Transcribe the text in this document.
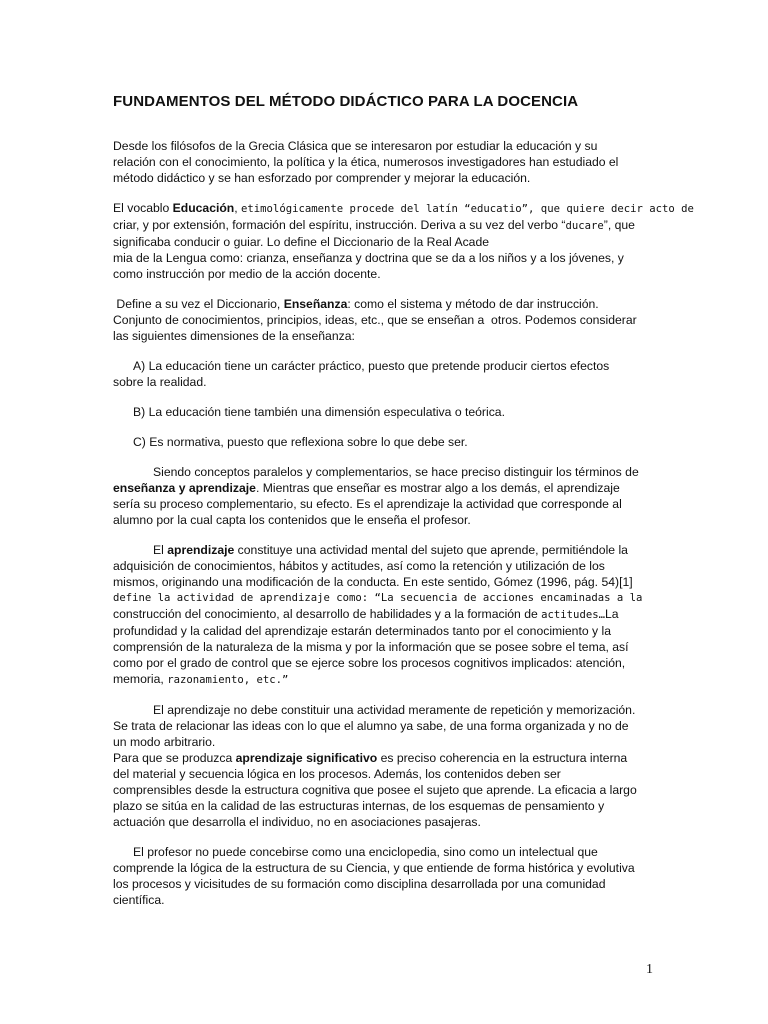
FUNDAMENTOS DEL MÉTODO DIDÁCTICO PARA LA DOCENCIA

Desde los filósofos de la Grecia Clásica que se interesaron por estudiar la educación y su
relación con el conocimiento, la política y la ética, numerosos investigadores han estudiado el
método didáctico y se han esforzado por comprender y mejorar la educación.

El vocablo Educación, etimológicamente procede del latín “educatio”, que quiere decir acto de
criar, y por extensión, formación del espíritu, instrucción. Deriva a su vez del verbo “ducare”, que
significaba conducir o guiar. Lo define el Diccionario de la Real Acade
mia de la Lengua como: crianza, enseñanza y doctrina que se da a los niños y a los jóvenes, y
como instrucción por medio de la acción docente.

Define a su vez el Diccionario, Enseñanza: como el sistema y método de dar instrucción.
Conjunto de conocimientos, principios, ideas, etc., que se enseñan a  otros. Podemos considerar
las siguientes dimensiones de la enseñanza:

A) La educación tiene un carácter práctico, puesto que pretende producir ciertos efectos
sobre la realidad.

B) La educación tiene también una dimensión especulativa o teórica.

C) Es normativa, puesto que reflexiona sobre lo que debe ser.

Siendo conceptos paralelos y complementarios, se hace preciso distinguir los términos de
enseñanza y aprendizaje. Mientras que enseñar es mostrar algo a los demás, el aprendizaje
sería su proceso complementario, su efecto. Es el aprendizaje la actividad que corresponde al
alumno por la cual capta los contenidos que le enseña el profesor.

El aprendizaje constituye una actividad mental del sujeto que aprende, permitiéndole la
adquisición de conocimientos, hábitos y actitudes, así como la retención y utilización de los
mismos, originando una modificación de la conducta. En este sentido, Gómez (1996, pág. 54)[1]
define la actividad de aprendizaje como: “La secuencia de acciones encaminadas a la
construcción del conocimiento, al desarrollo de habilidades y a la formación de actitudes…La
profundidad y la calidad del aprendizaje estarán determinados tanto por el conocimiento y la
comprensión de la naturaleza de la misma y por la información que se posee sobre el tema, así
como por el grado de control que se ejerce sobre los procesos cognitivos implicados: atención,
memoria, razonamiento, etc.”

El aprendizaje no debe constituir una actividad meramente de repetición y memorización.
Se trata de relacionar las ideas con lo que el alumno ya sabe, de una forma organizada y no de
un modo arbitrario.

Para que se produzca aprendizaje significativo es preciso coherencia en la estructura interna
del material y secuencia lógica en los procesos. Además, los contenidos deben ser
comprensibles desde la estructura cognitiva que posee el sujeto que aprende. La eficacia a largo
plazo se sitúa en la calidad de las estructuras internas, de los esquemas de pensamiento y
actuación que desarrolla el individuo, no en asociaciones pasajeras.

El profesor no puede concebirse como una enciclopedia, sino como un intelectual que
comprende la lógica de la estructura de su Ciencia, y que entiende de forma histórica y evolutiva
los procesos y vicisitudes de su formación como disciplina desarrollada por una comunidad
científica.

1
